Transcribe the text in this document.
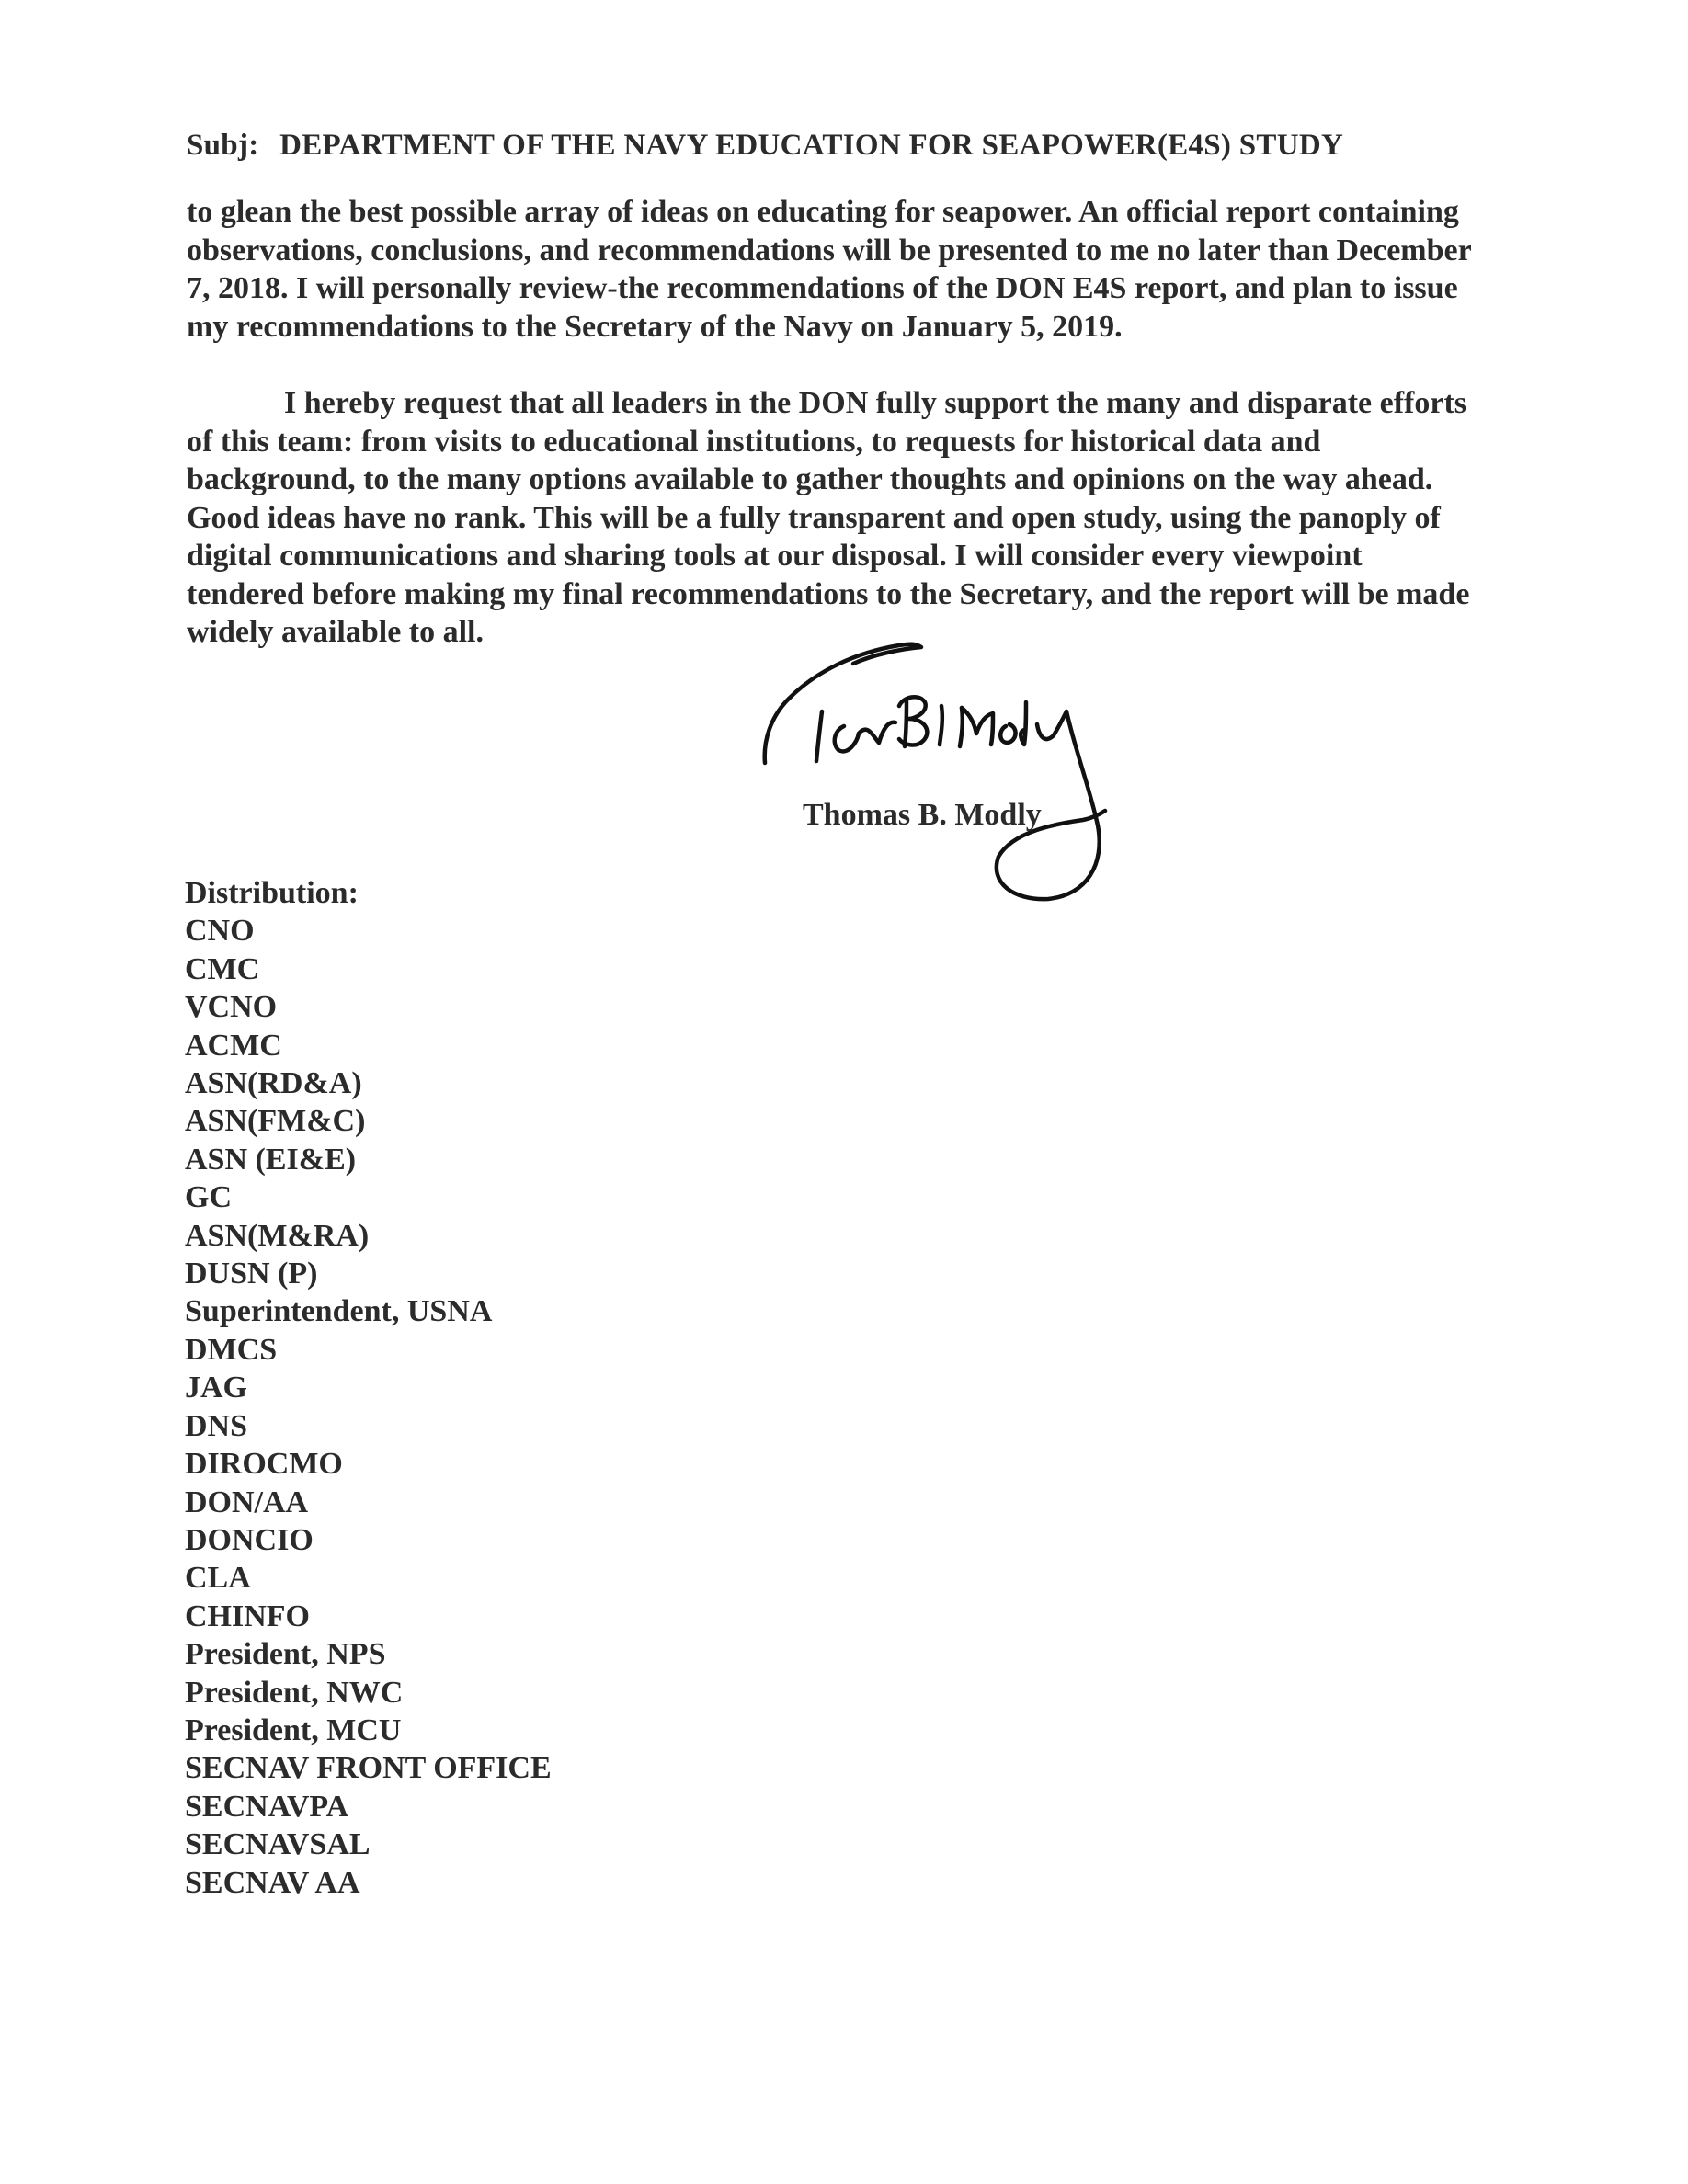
Subj: DEPARTMENT OF THE NAVY EDUCATION FOR SEAPOWER(E4S) STUDY
to glean the best possible array of ideas on educating for seapower. An official report containing
observations, conclusions, and recommendations will be presented to me no later than December
7, 2018. I will personally review-the recommendations of the DON E4S report, and plan to issue
my recommendations to the Secretary of the Navy on January 5, 2019.
I hereby request that all leaders in the DON fully support the many and disparate efforts
of this team: from visits to educational institutions, to requests for historical data and
background, to the many options available to gather thoughts and opinions on the way ahead.
Good ideas have no rank. This will be a fully transparent and open study, using the panoply of
digital communications and sharing tools at our disposal. I will consider every viewpoint
tendered before making my final recommendations to the Secretary, and the report will be made
widely available to all.
Thomas B. Modly
Distribution:
CNO
CMC
VCNO
ACMC
ASN(RD&A)
ASN(FM&C)
ASN (EI&E)
GC
ASN(M&RA)
DUSN (P)
Superintendent, USNA
DMCS
JAG
DNS
DIROCMO
DON/AA
DONCIO
CLA
CHINFO
President, NPS
President, NWC
President, MCU
SECNAV FRONT OFFICE
SECNAVPA
SECNAVSAL
SECNAV AA
